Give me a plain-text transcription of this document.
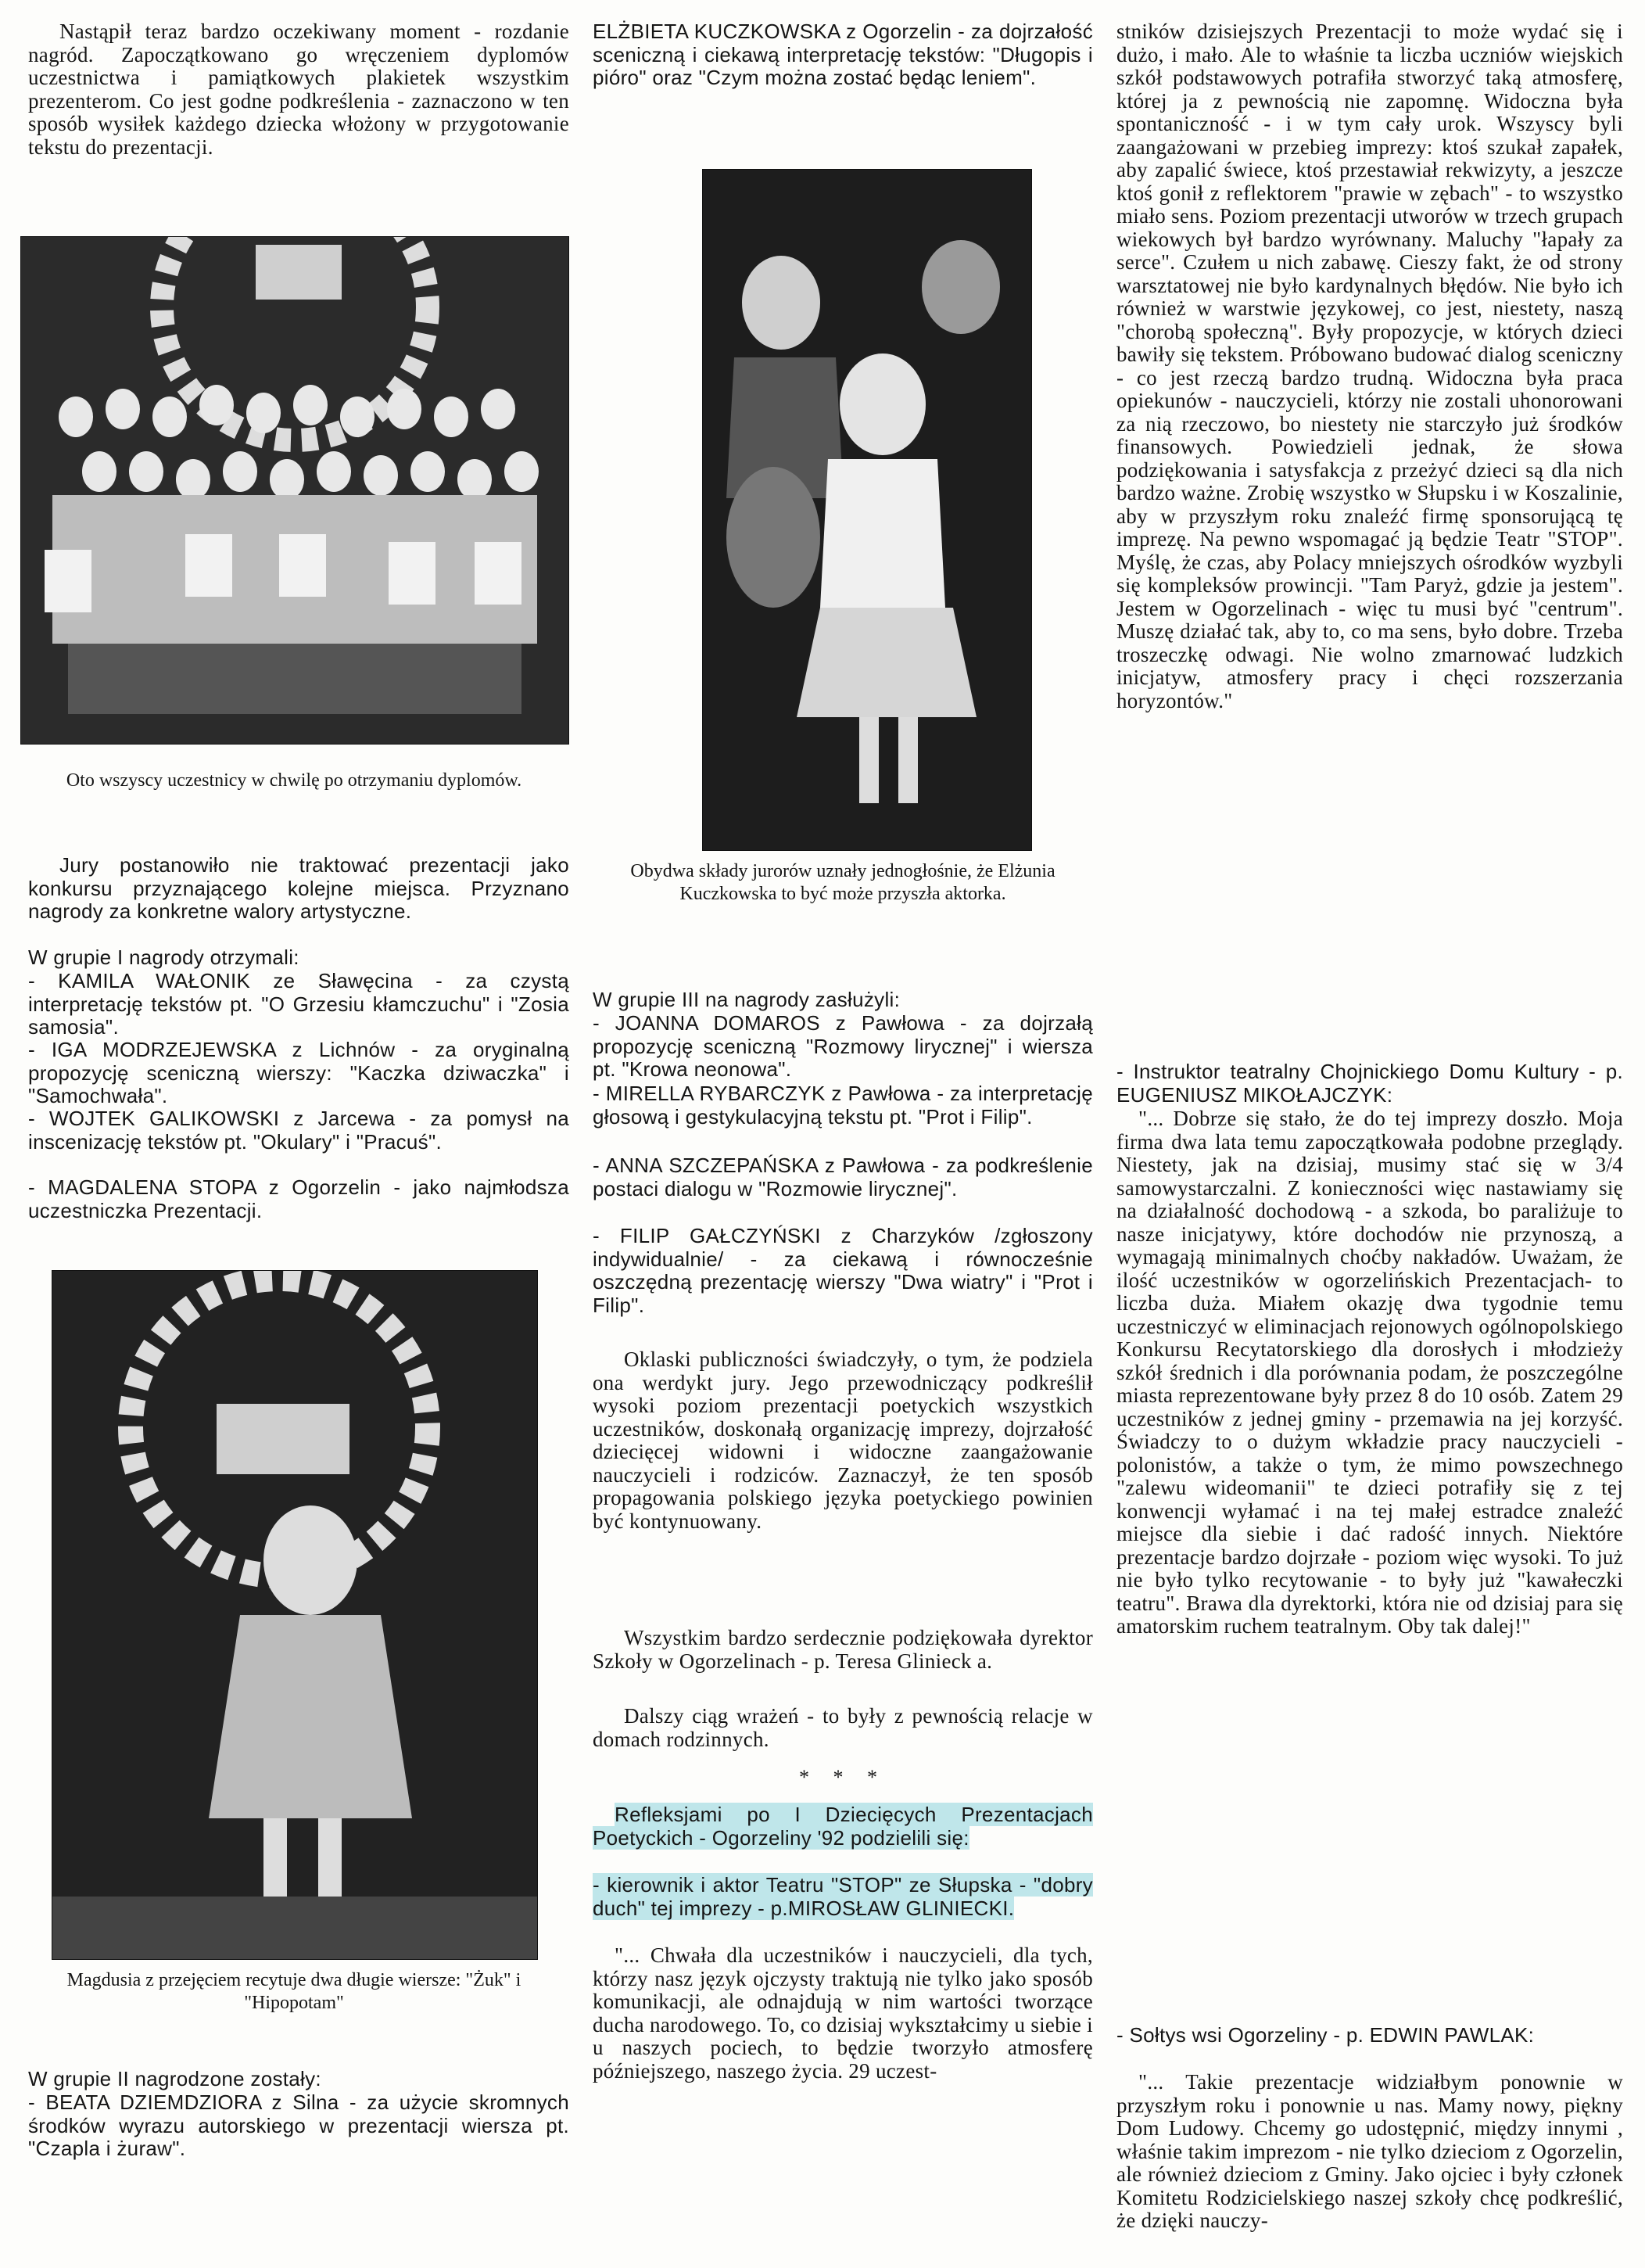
Nastąpił teraz bardzo oczekiwany moment - rozdanie nagród. Zapoczątkowano go wręczeniem dyplomów uczestnictwa i pamiątkowych plakietek wszystkim prezenterom. Co jest godne podkreślenia - zaznaczono w ten sposób wysiłek każdego dziecka włożony w przygotowanie tekstu do prezentacji.

Oto wszyscy uczestnicy w chwilę po otrzymaniu dyplomów.

Jury postanowiło nie traktować prezentacji jako konkursu przyznającego kolejne miejsca. Przyznano nagrody za konkretne walory artystyczne.

W grupie I nagrody otrzymali:

- KAMILA WAŁONIK ze Sławęcina - za czystą interpretację tekstów pt. "O Grzesiu kłamczuchu" i "Zosia samosia".

- IGA MODRZEJEWSKA z Lichnów - za oryginalną propozycję sceniczną wierszy: "Kaczka dziwaczka" i "Samochwała".

- WOJTEK GALIKOWSKI z Jarcewa - za pomysł na inscenizację tekstów pt. "Okulary" i "Pracuś".

- MAGDALENA STOPA z Ogorzelin - jako najmłodsza uczestniczka Prezentacji.

Magdusia z przejęciem recytuje dwa długie wiersze: "Żuk" i "Hipopotam"

W grupie II nagrodzone zostały:

- BEATA DZIEMDZIORA z Silna - za użycie skromnych środków wyrazu autorskiego w prezentacji wiersza pt. "Czapla i żuraw".

ELŻBIETA KUCZKOWSKA z Ogorzelin - za dojrzałość sceniczną i ciekawą interpretację tekstów: "Długopis i pióro" oraz "Czym można zostać będąc leniem".

Obydwa składy jurorów uznały jednogłośnie, że Elżunia Kuczkowska to być może przyszła aktorka.

W grupie III na nagrody zasłużyli:

- JOANNA DOMAROS z Pawłowa - za dojrzałą propozycję sceniczną "Rozmowy lirycznej" i wiersza pt. "Krowa neonowa".

- MIRELLA RYBARCZYK z Pawłowa - za interpretację głosową i gestykulacyjną tekstu pt. "Prot i Filip".

- ANNA SZCZEPAŃSKA z Pawłowa - za podkreślenie postaci dialogu w "Rozmowie lirycznej".

- FILIP GAŁCZYŃSKI z Charzyków /zgłoszony indywidualnie/ - za ciekawą i równocześnie oszczędną prezentację wierszy "Dwa wiatry" i "Prot i Filip".

Oklaski publiczności świadczyły, o tym, że podziela ona werdykt jury. Jego przewodniczący podkreślił wysoki poziom prezentacji poetyckich wszystkich uczestników, doskonałą organizację imprezy, dojrzałość dziecięcej widowni i widoczne zaangażowanie nauczycieli i rodziców. Zaznaczył, że ten sposób propagowania polskiego języka poetyckiego powinien być kontynuowany.

Wszystkim bardzo serdecznie podziękowała dyrektor Szkoły w Ogorzelinach - p. Teresa Glinieck a.

Dalszy ciąg wrażeń - to były z pewnością relacje w domach rodzinnych.

* * *

Refleksjami po I Dziecięcych Prezentacjach Poetyckich - Ogorzeliny '92 podzielili się:

- kierownik i aktor Teatru "STOP" ze Słupska - "dobry duch" tej imprezy - p.MIROSŁAW GLINIECKI.

"... Chwała dla uczestników i nauczycieli, dla tych, którzy nasz język ojczysty traktują nie tylko jako sposób komunikacji, ale odnajdują w nim wartości tworzące ducha narodowego. To, co dzisiaj wykształcimy u siebie i u naszych pociech, to będzie tworzyło atmosferę późniejszego, naszego życia. 29 uczest-

stników dzisiejszych Prezentacji to może wydać się i dużo, i mało. Ale to właśnie ta liczba uczniów wiejskich szkół podstawowych potrafiła stworzyć taką atmosferę, której ja z pewnością nie zapomnę. Widoczna była spontaniczność - i w tym cały urok. Wszyscy byli zaangażowani w przebieg imprezy: ktoś szukał zapałek, aby zapalić świece, ktoś przestawiał rekwizyty, a jeszcze ktoś gonił z reflektorem "prawie w zębach" - to wszystko miało sens. Poziom prezentacji utworów w trzech grupach wiekowych był bardzo wyrównany. Maluchy "łapały za serce". Czułem u nich zabawę. Cieszy fakt, że od strony warsztatowej nie było kardynalnych błędów. Nie było ich również w warstwie językowej, co jest, niestety, naszą "chorobą społeczną". Były propozycje, w których dzieci bawiły się tekstem. Próbowano budować dialog sceniczny - co jest rzeczą bardzo trudną. Widoczna była praca opiekunów - nauczycieli, którzy nie zostali uhonorowani za nią rzeczowo, bo niestety nie starczyło już środków finansowych. Powiedzieli jednak, że słowa podziękowania i satysfakcja z przeżyć dzieci są dla nich bardzo ważne. Zrobię wszystko w Słupsku i w Koszalinie, aby w przyszłym roku znaleźć firmę sponsorującą tę imprezę. Na pewno wspomagać ją będzie Teatr "STOP". Myślę, że czas, aby Polacy mniejszych ośrodków wyzbyli się kompleksów prowincji. "Tam Paryż, gdzie ja jestem". Jestem w Ogorzelinach - więc tu musi być "centrum". Muszę działać tak, aby to, co ma sens, było dobre. Trzeba troszeczkę odwagi. Nie wolno zmarnować ludzkich inicjatyw, atmosfery pracy i chęci rozszerzania horyzontów."

- Instruktor teatralny Chojnickiego Domu Kultury - p. EUGENIUSZ MIKOŁAJCZYK:

"... Dobrze się stało, że do tej imprezy doszło. Moja firma dwa lata temu zapoczątkowała podobne przeglądy. Niestety, jak na dzisiaj, musimy stać się w 3/4 samowystarczalni. Z konieczności więc nastawiamy się na działalność dochodową - a szkoda, bo paraliżuje to nasze inicjatywy, które dochodów nie przynoszą, a wymagają minimalnych choćby nakładów. Uważam, że ilość uczestników w ogorzelińskich Prezentacjach- to liczba duża. Miałem okazję dwa tygodnie temu uczestniczyć w eliminacjach rejonowych ogólnopolskiego Konkursu Recytatorskiego dla dorosłych i młodzieży szkół średnich i dla porównania podam, że poszczególne miasta reprezentowane były przez 8 do 10 osób. Zatem 29 uczestników z jednej gminy - przemawia na jej korzyść. Świadczy to o dużym wkładzie pracy nauczycieli - polonistów, a także o tym, że mimo powszechnego "zalewu wideomanii" te dzieci potrafiły się z tej konwencji wyłamać i na tej małej estradce znaleźć miejsce dla siebie i dać radość innych. Niektóre prezentacje bardzo dojrzałe - poziom więc wysoki. To już nie było tylko recytowanie - to były już "kawałeczki teatru". Brawa dla dyrektorki, która nie od dzisiaj para się amatorskim ruchem teatralnym. Oby tak dalej!"

- Sołtys wsi Ogorzeliny - p. EDWIN PAWLAK:

"... Takie prezentacje widziałbym ponownie w przyszłym roku i ponownie u nas. Mamy nowy, piękny Dom Ludowy. Chcemy go udostępnić, między innymi , właśnie takim imprezom - nie tylko dzieciom z Ogorzelin, ale również dzieciom z Gminy. Jako ojciec i były członek Komitetu Rodzicielskiego naszej szkoły chcę podkreślić, że dzięki nauczy-
